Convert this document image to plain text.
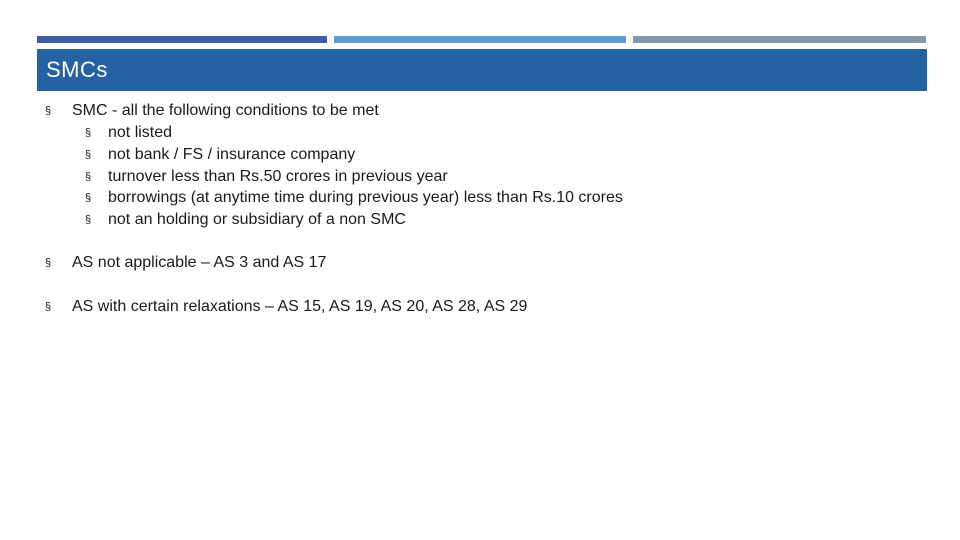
SMCs
§ SMC - all the following conditions to be met
§ not listed
§ not bank / FS / insurance company
§ turnover less than Rs.50 crores in previous year
§ borrowings (at anytime time during previous year) less than Rs.10 crores
§ not an holding or subsidiary of a non SMC
§ AS not applicable – AS 3 and AS 17
§ AS with certain relaxations – AS 15, AS 19, AS 20, AS 28, AS 29
